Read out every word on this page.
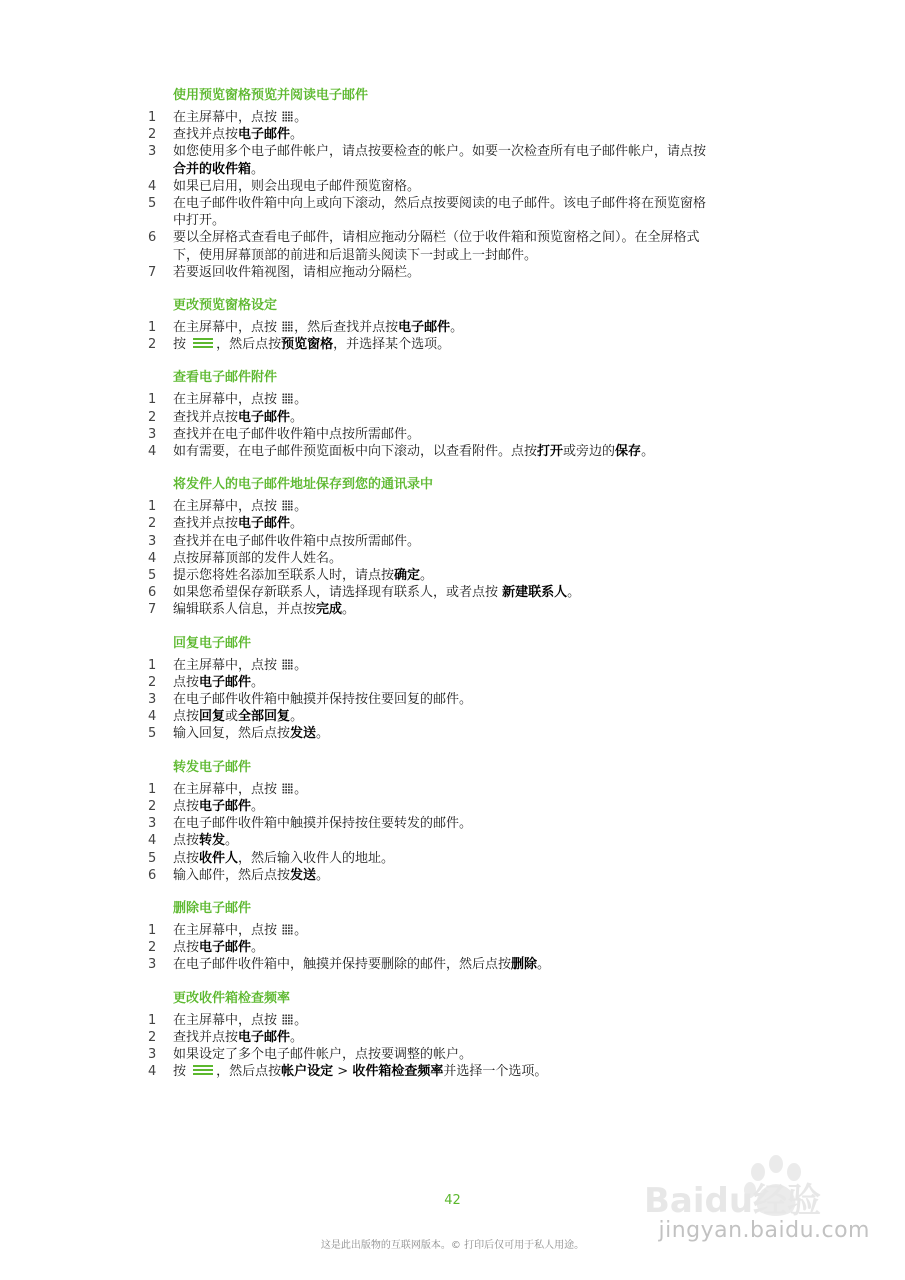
使用预览窗格预览并阅读电子邮件
1	在主屏幕中，点按 。
2	查找并点按电子邮件。
3	如您使用多个电子邮件帐户，请点按要检查的帐户。如要一次检查所有电子邮件帐户，请点按合并的收件箱。
4	如果已启用，则会出现电子邮件预览窗格。
5	在电子邮件收件箱中向上或向下滚动，然后点按要阅读的电子邮件。该电子邮件将在预览窗格中打开。
6	要以全屏格式查看电子邮件，请相应拖动分隔栏（位于收件箱和预览窗格之间）。在全屏格式下，使用屏幕顶部的前进和后退箭头阅读下一封或上一封邮件。
7	若要返回收件箱视图，请相应拖动分隔栏。
更改预览窗格设定
1	在主屏幕中，点按 ，然后查找并点按电子邮件。
2	按 ，然后点按预览窗格，并选择某个选项。
查看电子邮件附件
1	在主屏幕中，点按 。
2	查找并点按电子邮件。
3	查找并在电子邮件收件箱中点按所需邮件。
4	如有需要，在电子邮件预览面板中向下滚动，以查看附件。点按打开或旁边的保存。
将发件人的电子邮件地址保存到您的通讯录中
1	在主屏幕中，点按 。
2	查找并点按电子邮件。
3	查找并在电子邮件收件箱中点按所需邮件。
4	点按屏幕顶部的发件人姓名。
5	提示您将姓名添加至联系人时，请点按确定。
6	如果您希望保存新联系人，请选择现有联系人，或者点按 新建联系人。
7	编辑联系人信息，并点按完成。
回复电子邮件
1	在主屏幕中，点按 。
2	点按电子邮件。
3	在电子邮件收件箱中触摸并保持按住要回复的邮件。
4	点按回复或全部回复。
5	输入回复，然后点按发送。
转发电子邮件
1	在主屏幕中，点按 。
2	点按电子邮件。
3	在电子邮件收件箱中触摸并保持按住要转发的邮件。
4	点按转发。
5	点按收件人，然后输入收件人的地址。
6	输入邮件，然后点按发送。
删除电子邮件
1	在主屏幕中，点按 。
2	点按电子邮件。
3	在电子邮件收件箱中，触摸并保持要删除的邮件，然后点按删除。
更改收件箱检查频率
1	在主屏幕中，点按 。
2	查找并点按电子邮件。
3	如果设定了多个电子邮件帐户，点按要调整的帐户。
4	按 ，然后点按帐户设定 > 收件箱检查频率并选择一个选项。
42
这是此出版物的互联网版本。© 打印后仅可用于私人用途。
Baidu经验
jingyan.baidu.com
